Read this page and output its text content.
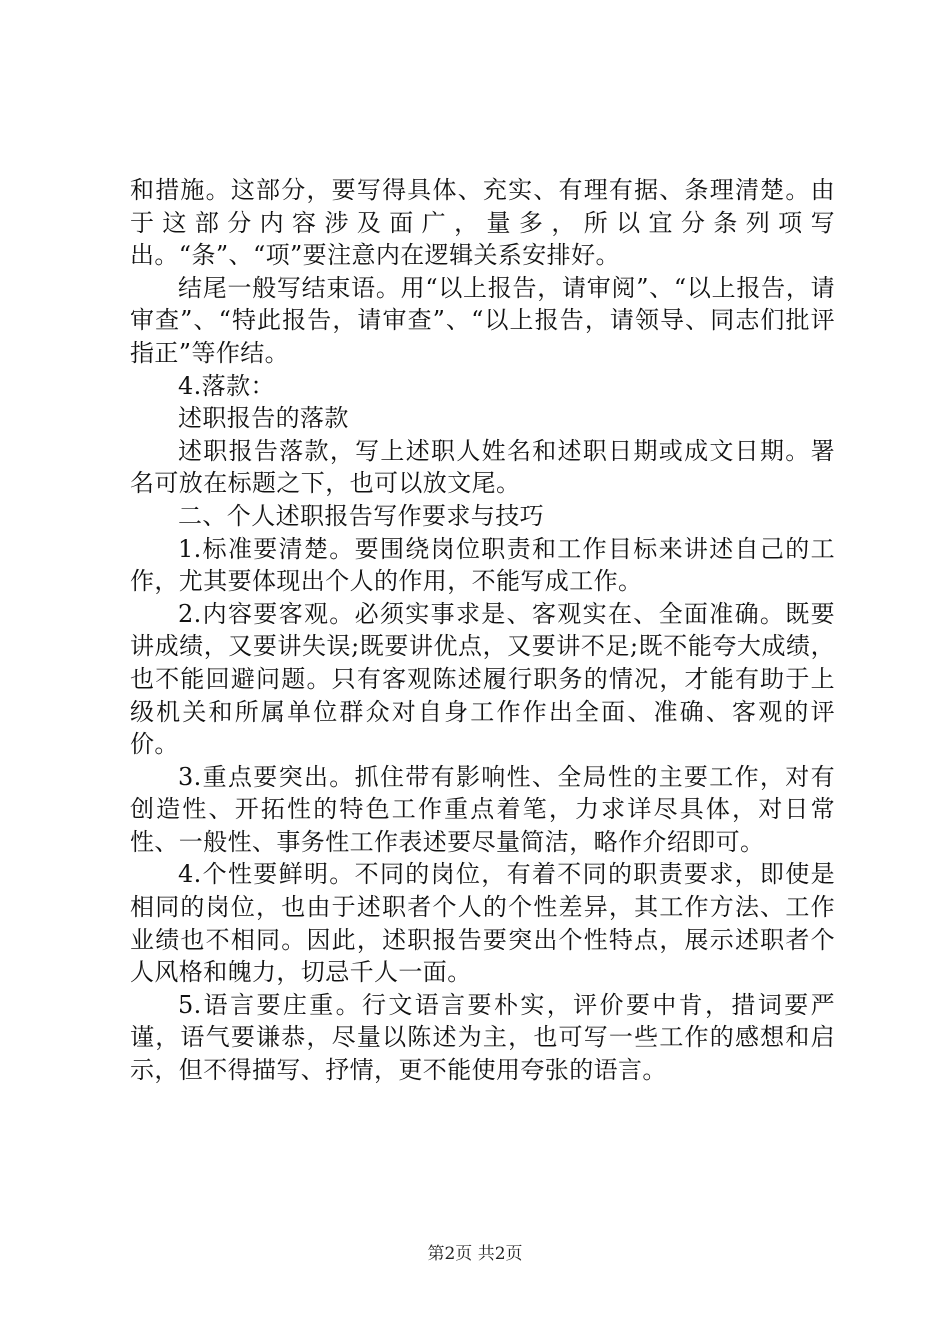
和措施。这部分，要写得具体、充实、有理有据、条理清楚。由于这部分内容涉及面广，量多，所以宜分条列项写出。“条”、“项”要注意内在逻辑关系安排好。

结尾一般写结束语。用“以上报告，请审阅”、“以上报告，请审查”、“特此报告，请审查”、“以上报告，请领导、同志们批评指正”等作结。

4.落款：

述职报告的落款

述职报告落款，写上述职人姓名和述职日期或成文日期。署名可放在标题之下，也可以放文尾。

二、个人述职报告写作要求与技巧

1.标准要清楚。要围绕岗位职责和工作目标来讲述自己的工作，尤其要体现出个人的作用，不能写成工作。

2.内容要客观。必须实事求是、客观实在、全面准确。既要讲成绩，又要讲失误;既要讲优点，又要讲不足;既不能夸大成绩，也不能回避问题。只有客观陈述履行职务的情况，才能有助于上级机关和所属单位群众对自身工作作出全面、准确、客观的评价。

3.重点要突出。抓住带有影响性、全局性的主要工作，对有创造性、开拓性的特色工作重点着笔，力求详尽具体，对日常性、一般性、事务性工作表述要尽量简洁，略作介绍即可。

4.个性要鲜明。不同的岗位，有着不同的职责要求，即使是相同的岗位，也由于述职者个人的个性差异，其工作方法、工作业绩也不相同。因此，述职报告要突出个性特点，展示述职者个人风格和魄力，切忌千人一面。

5.语言要庄重。行文语言要朴实，评价要中肯，措词要严谨，语气要谦恭，尽量以陈述为主，也可写一些工作的感想和启示，但不得描写、抒情，更不能使用夸张的语言。

第2页 共2页
